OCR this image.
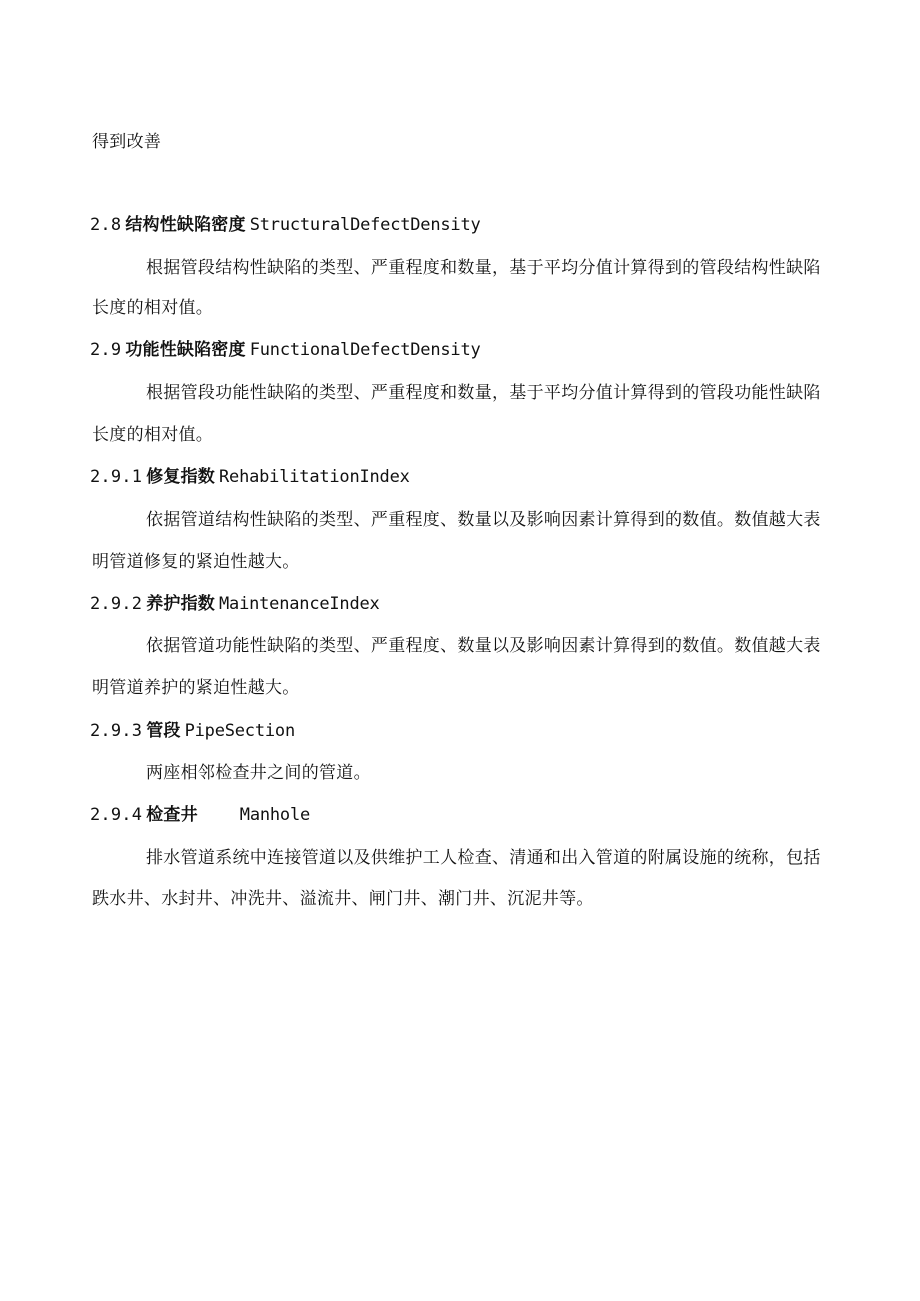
得到改善
2.8 结构性缺陷密度 StructuralDefectDensity
根据管段结构性缺陷的类型、严重程度和数量，基于平均分值计算得到的管段结构性缺陷
长度的相对值。
2.9 功能性缺陷密度 FunctionalDefectDensity
根据管段功能性缺陷的类型、严重程度和数量，基于平均分值计算得到的管段功能性缺陷
长度的相对值。
2.9.1 修复指数 RehabilitationIndex
依据管道结构性缺陷的类型、严重程度、数量以及影响因素计算得到的数值。数值越大表
明管道修复的紧迫性越大。
2.9.2 养护指数 MaintenanceIndex
依据管道功能性缺陷的类型、严重程度、数量以及影响因素计算得到的数值。数值越大表
明管道养护的紧迫性越大。
2.9.3 管段 PipeSection
两座相邻检查井之间的管道。
2.9.4 检查井 Manhole
排水管道系统中连接管道以及供维护工人检查、清通和出入管道的附属设施的统称，包括
跌水井、水封井、冲洗井、溢流井、闸门井、潮门井、沉泥井等。
